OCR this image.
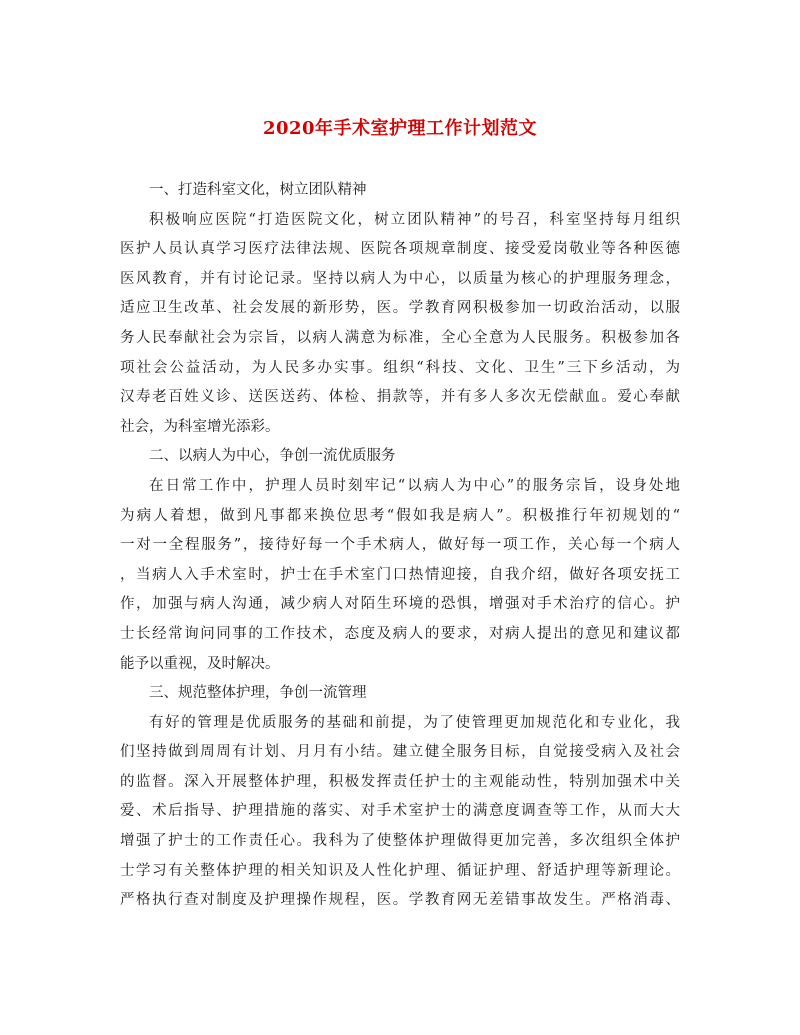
2020年手术室护理工作计划范文
一、打造科室文化，树立团队精神
积极响应医院“打造医院文化，树立团队精神”的号召，科室坚持每月组织
医护人员认真学习医疗法律法规、医院各项规章制度、接受爱岗敬业等各种医德
医风教育，并有讨论记录。坚持以病人为中心，以质量为核心的护理服务理念，
适应卫生改革、社会发展的新形势，医。学教育网积极参加一切政治活动，以服
务人民奉献社会为宗旨，以病人满意为标准，全心全意为人民服务。积极参加各
项社会公益活动，为人民多办实事。组织“科技、文化、卫生”三下乡活动，为
汉寿老百姓义诊、送医送药、体检、捐款等，并有多人多次无偿献血。爱心奉献
社会，为科室增光添彩。
二、以病人为中心，争创一流优质服务
在日常工作中，护理人员时刻牢记“以病人为中心”的服务宗旨，设身处地
为病人着想，做到凡事都来换位思考“假如我是病人”。积极推行年初规划的“
一对一全程服务”，接待好每一个手术病人，做好每一项工作，关心每一个病人
，当病人入手术室时，护士在手术室门口热情迎接，自我介绍，做好各项安抚工
作，加强与病人沟通，减少病人对陌生环境的恐惧，增强对手术治疗的信心。护
士长经常询问同事的工作技术，态度及病人的要求，对病人提出的意见和建议都
能予以重视，及时解决。
三、规范整体护理，争创一流管理
有好的管理是优质服务的基础和前提，为了使管理更加规范化和专业化，我
们坚持做到周周有计划、月月有小结。建立健全服务目标，自觉接受病入及社会
的监督。深入开展整体护理，积极发挥责任护士的主观能动性，特别加强术中关
爱、术后指导、护理措施的落实、对手术室护士的满意度调查等工作，从而大大
增强了护士的工作责任心。我科为了使整体护理做得更加完善，多次组织全体护
士学习有关整体护理的相关知识及人性化护理、循证护理、舒适护理等新理论。
严格执行查对制度及护理操作规程，医。学教育网无差错事故发生。严格消毒、
